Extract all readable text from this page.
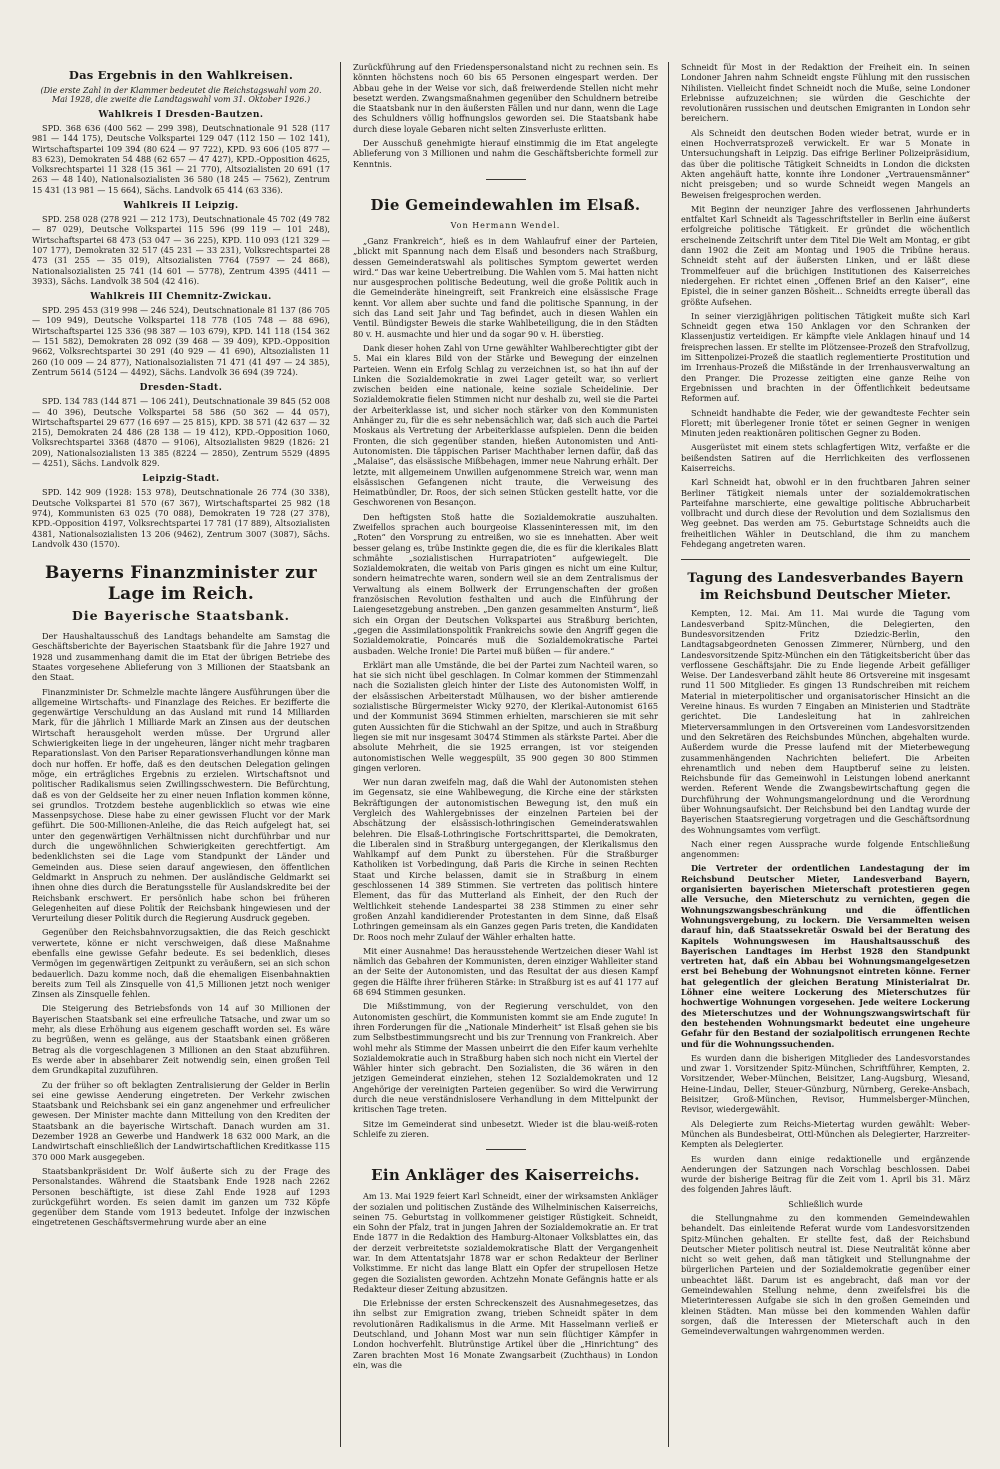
Das Ergebnis in den Wahlkreisen.
(Die erste Zahl in der Klammer bedeutet die Reichstagswahl vom 20. Mai 1928, die zweite die Landtagswahl vom 31. Oktober 1926.)
Wahlkreis I Dresden-Bautzen.

SPD. 368 636 (400 562 — 299 398), Deutschnationale 91 528 (117 981 — 144 175), Deutsche Volkspartei 129 047 (112 150 — 102 141), Wirtschaftspartei 109 394 (80 624 — 97 722), KPD. 93 606 (105 877 — 83 623), Demokraten 54 488 (62 657 — 47 427), KPD.-Opposition 4625, Volksrechtspartei 11 328 (15 361 — 21 770), Altsozialisten 20 691 (17 263 — 48 140), Nationalsozialisten 36 580 (18 245 — 7562), Zentrum 15 431 (13 981 — 15 664), Sächs. Landvolk 65 414 (63 336).

Wahlkreis II Leipzig.

SPD. 258 028 (278 921 — 212 173), Deutschnationale 45 702 (49 782 — 87 029), Deutsche Volkspartei 115 596 (99 119 — 101 248), Wirtschaftspartei 68 473 (53 047 — 36 225), KPD. 110 093 (121 329 — 107 177), Demokraten 32 517 (45 231 — 33 231), Volksrechtspartei 28 473 (31 255 — 35 019), Altsozialisten 7764 (7597 — 24 868), Nationalsozialisten 25 741 (14 601 — 5778), Zentrum 4395 (4411 — 3933), Sächs. Landvolk 38 504 (42 416).

Wahlkreis III Chemnitz-Zwickau.

SPD. 295 453 (319 998 — 246 524), Deutschnationale 81 137 (86 705 — 109 949), Deutsche Volkspartei 118 778 (105 748 — 88 696), Wirtschaftspartei 125 336 (98 387 — 103 679), KPD. 141 118 (154 362 — 151 582), Demokraten 28 092 (39 468 — 39 409), KPD.-Opposition 9662, Volksrechtspartei 30 291 (40 929 — 41 690), Altsozialisten 11 260 (10 009 — 24 877), Nationalsozialisten 71 471 (41 497 — 24 385), Zentrum 5614 (5124 — 4492), Sächs. Landvolk 36 694 (39 724).

Dresden-Stadt.

SPD. 134 783 (144 871 — 106 241), Deutschnationale 39 845 (52 008 — 40 396), Deutsche Volkspartei 58 586 (50 362 — 44 057), Wirtschaftspartei 29 677 (16 697 — 25 815), KPD. 38 571 (42 637 — 32 215), Demokraten 24 486 (28 138 — 19 412), KPD.-Opposition 1060, Volksrechtspartei 3368 (4870 — 9106), Altsozialisten 9829 (1826: 21 209), Nationalsozialisten 13 385 (8224 — 2850), Zentrum 5529 (4895 — 4251), Sächs. Landvolk 829.

Leipzig-Stadt.

SPD. 142 909 (1928: 153 978), Deutschnationale 26 774 (30 338), Deutsche Volkspartei 81 570 (67 367), Wirtschaftspartei 25 982 (18 974), Kommunisten 63 025 (70 088), Demokraten 19 728 (27 378), KPD.-Opposition 4197, Volksrechtspartei 17 781 (17 889), Altsozialisten 4381, Nationalsozialisten 13 206 (9462), Zentrum 3007 (3087), Sächs. Landvolk 430 (1570).

Bayerns Finanzminister zur Lage im Reich.
Die Bayerische Staatsbank.

Der Haushaltausschuß des Landtags behandelte am Samstag die Geschäftsberichte der Bayerischen Staatsbank für die Jahre 1927 und 1928 und zusammenhang damit die im Etat der übrigen Betriebe des Staates vorgesehene Ablieferung von 3 Millionen der Staatsbank an den Staat.

Finanzminister Dr. Schmelzle machte längere Ausführungen über die allgemeine Wirtschafts- und Finanzlage des Reiches. Er bezifferte die gegenwärtige Verschuldung an das Ausland mit rund 14 Milliarden Mark, für die jährlich 1 Milliarde Mark an Zinsen aus der deutschen Wirtschaft herausgeholt werden müsse. Der Urgrund aller Schwierigkeiten liege in der ungeheuren, länger nicht mehr tragbaren Reparationslast. Von den Pariser Reparationsverhandlungen könne man doch nur hoffen. Er hoffe, daß es den deutschen Delegation gelingen möge, ein erträgliches Ergebnis zu erzielen. Wirtschaftsnot und politischer Radikalismus seien Zwillingsschwestern. Die Befürchtung, daß es von der Geldseite her zu einer neuen Inflation kommen könne, sei grundlos. Trotzdem bestehe augenblicklich so etwas wie eine Massenpsychose. Diese habe zu einer gewissen Flucht vor der Mark geführt. Die 500-Millionen-Anleihe, die das Reich aufgelegt hat, sei unter den gegenwärtigen Verhältnissen nicht durchführbar und nur durch die ungewöhnlichen Schwierigkeiten gerechtfertigt. Am bedenklichsten sei die Lage vom Standpunkt der Länder und Gemeinden aus. Diese seien darauf angewiesen, den öffentlichen Geldmarkt in Anspruch zu nehmen. Der ausländische Geldmarkt sei ihnen ohne dies durch die Beratungsstelle für Auslandskredite bei der Reichsbank erschwert. Er persönlich habe schon bei früheren Gelegenheiten auf diese Politik der Reichsbank hingewiesen und der Verurteilung dieser Politik durch die Regierung Ausdruck gegeben.

Gegenüber den Reichsbahnvorzugsaktien, die das Reich geschickt verwertete, könne er nicht verschweigen, daß diese Maßnahme ebenfalls eine gewisse Gefahr bedeute. Es sei bedenklich, dieses Vermögen im gegenwärtigen Zeitpunkt zu veräußern, sei an sich schon bedauerlich. Dazu komme noch, daß die ehemaligen Eisenbahnaktien bereits zum Teil als Zinsquelle von 41,5 Millionen jetzt noch weniger Zinsen als Zinsquelle fehlen.

Die Steigerung des Betriebsfonds von 14 auf 30 Millionen der Bayerischen Staatsbank sei eine erfreuliche Tatsache, und zwar um so mehr, als diese Erhöhung aus eigenem geschafft worden sei. Es wäre zu begrüßen, wenn es gelänge, aus der Staatsbank einen größeren Betrag als die vorgeschlagenen 3 Millionen an den Staat abzuführen. Es werde aber in absehbarer Zeit notwendig sein, einen großen Teil dem Grundkapital zuzuführen.

Zu der früher so oft beklagten Zentralisierung der Gelder in Berlin sei eine gewisse Aenderung eingetreten. Der Verkehr zwischen Staatsbank und Reichsbank sei ein ganz angenehmer und erfreulicher gewesen. Der Minister machte dann Mitteilung von den Krediten der Staatsbank an die bayerische Wirtschaft. Danach wurden am 31. Dezember 1928 an Gewerbe und Handwerk 18 632 000 Mark, an die Landwirtschaft einschließlich der Landwirtschaftlichen Kreditkasse 115 370 000 Mark ausgegeben.

Staatsbankpräsident Dr. Wolf äußerte sich zu der Frage des Personalstandes. Während die Staatsbank Ende 1928 nach 2262 Personen beschäftigte, ist diese Zahl Ende 1928 auf 1293 zurückgeführt worden. Es seien damit im ganzen um 732 Köpfe gegenüber dem Stande vom 1913 bedeutet. Infolge der inzwischen eingetretenen Geschäftsvermehrung wurde aber an eine

Zurückführung auf den Friedenspersonalstand nicht zu rechnen sein. Es könnten höchstens noch 60 bis 65 Personen eingespart werden. Der Abbau gehe in der Weise vor sich, daß freiwerdende Stellen nicht mehr besetzt werden. Zwangsmaßnahmen gegenüber den Schuldnern betreibe die Staatsbank nur in den äußersten Fällen und nur dann, wenn die Lage des Schuldners völlig hoffnungslos geworden sei. Die Staatsbank habe durch diese loyale Gebaren nicht selten Zinsverluste erlitten.

Der Ausschuß genehmigte hierauf einstimmig die im Etat angelegte Ablieferung von 3 Millionen und nahm die Geschäftsberichte formell zur Kenntnis.

Die Gemeindewahlen im Elsaß.
Von Hermann Wendel.

„Ganz Frankreich“, hieß es in dem Wahlaufruf einer der Parteien, „blickt mit Spannung nach dem Elsaß und besonders nach Straßburg, dessen Gemeinderatswahl als politisches Symptom gewertet werden wird.“ Das war keine Uebertreibung. Die Wahlen vom 5. Mai hatten nicht nur ausgesprochen politische Bedeutung, weil die große Politik auch in die Gemeinderäte hineingreift, seit Frankreich eine elsässische Frage kennt. Vor allem aber suchte und fand die politische Spannung, in der sich das Land seit Jahr und Tag befindet, auch in diesen Wahlen ein Ventil. Bündigster Beweis die starke Wahlbeteiligung, die in den Städten 80 v. H. ausmachte und hier und da sogar 90 v. H. überstieg.

Dank dieser hohen Zahl von Urne gewählter Wahlberechtigter gibt der 5. Mai ein klares Bild von der Stärke und Bewegung der einzelnen Parteien. Wenn ein Erfolg Schlag zu verzeichnen ist, so hat ihn auf der Linken die Sozialdemokratie in zwei Lager geteilt war, so verliert zwischen beiden eine nationale, keine soziale Scheidelinie. Der Sozialdemokratie fielen Stimmen nicht nur deshalb zu, weil sie die Partei der Arbeiterklasse ist, und sicher noch stärker von den Kommunisten Anhänger zu, für die es sehr nebensächlich war, daß sich auch die Partei Moskaus als Vertretung der Arbeiterklasse aufspielen. Denn die beiden Fronten, die sich gegenüber standen, hießen Autonomisten und Anti-Autonomisten. Die täppischen Pariser Machthaber lernen dafür, daß das „Malaise“, das elsässische Mißbehagen, immer neue Nahrung erhält. Der letzte, mit allgemeinem Unwillen aufgenommene Streich war, wenn man elsässischen Gefangenen nicht traute, die Verweisung des Heimatbündler, Dr. Roos, der sich seinen Stücken gestellt hatte, vor die Geschworenen von Besançon.

Den heftigsten Stoß hatte die Sozialdemokratie auszuhalten. Zweifellos sprachen auch bourgeoise Klasseninteressen mit, im den „Roten“ den Vorsprung zu entreißen, wo sie es innehatten. Aber weit besser gelang es, trübe Instinkte gegen die, die es für die klerikales Blatt schmähte „sozialistischen Hurrapatrioten“ aufgewiegelt. Die Sozialdemokraten, die weitab von Paris gingen es nicht um eine Kultur, sondern heimatrechte waren, sondern weil sie an dem Zentralismus der Verwaltung als einem Bollwerk der Errungenschaften der großen französischen Revolution festhalten und auch die Einführung der Laiengesetzgebung anstreben. „Den ganzen gesammelten Ansturm“, ließ sich ein Organ der Deutschen Volkspartei aus Straßburg berichten, „gegen die Assimilationspolitik Frankreichs sowie den Angriff gegen die Sozialdemokratie, Poincarés muß die Sozialdemokratische Partei ausbaden. Welche Ironie! Die Partei muß büßen — für andere.“

Erklärt man alle Umstände, die bei der Partei zum Nachteil waren, so hat sie sich nicht übel geschlagen. In Colmar kommen der Stimmenzahl nach die Sozialisten gleich hinter der Liste des Autonomisten Wolff, in der elsässischen Arbeiterstadt Mülhausen, wo der bisher amtierende sozialistische Bürgermeister Wicky 9270, der Klerikal-Autonomist 6165 und der Kommunist 3694 Stimmen erhielten, marschieren sie mit sehr guten Aussichten für die Stichwahl an der Spitze, und auch in Straßburg liegen sie mit nur insgesamt 30474 Stimmen als stärkste Partei. Aber die absolute Mehrheit, die sie 1925 errangen, ist vor steigenden autonomistischen Welle weggespült, 35 900 gegen 30 800 Stimmen gingen verloren.

Wer nun daran zweifeln mag, daß die Wahl der Autonomisten stehen im Gegensatz, sie eine Wahlbewegung, die Kirche eine der stärksten Bekräftigungen der autonomistischen Bewegung ist, den muß ein Vergleich des Wahlergebnisses der einzelnen Parteien bei der Abschätzung der elsässisch-lothringischen Gemeinderatswahlen belehren. Die Elsaß-Lothringische Fortschrittspartei, die Demokraten, die Liberalen sind in Straßburg untergegangen, der Klerikalismus den Wahlkampf auf dem Punkt zu überstehen. Für die Straßburger Katholiken ist Vorbedingung, daß Paris die Kirche in seinen Rechten Staat und Kirche belassen, damit sie in Straßburg in einem geschlossenen 14 389 Stimmen. Sie vertreten das politisch hintere Element, das für das Mutterland als Einheit, der den Ruch der Weltlichkeit stehende Landespartei 38 238 Stimmen zu einer sehr großen Anzahl kandidierender Protestanten in dem Sinne, daß Elsaß Lothringen gemeinsam als ein Ganzes gegen Paris treten, die Kandidaten Dr. Roos noch mehr Zulauf der Wähler erhalten hatte.

Mit einer Ausnahme! Das herausstehende Wertzeichen dieser Wahl ist nämlich das Gebahren der Kommunisten, deren einziger Wahlleiter stand an der Seite der Autonomisten, und das Resultat der aus diesen Kampf gegen die Hälfte ihrer früheren Stärke: in Straßburg ist es auf 41 177 auf 68 694 Stimmen gesunken.

Die Mißstimmung, von der Regierung verschuldet, von den Autonomisten geschürt, die Kommunisten kommt sie am Ende zugute! In ihren Forderungen für die „Nationale Minderheit“ ist Elsaß gehen sie bis zum Selbstbestimmungsrecht und bis zur Trennung von Frankreich. Aber wohl mehr als Stimme der Massen unbeirrt die den Eifer kaum verhehlte Sozialdemokratie auch in Straßburg haben sich noch nicht ein Viertel der Wähler hinter sich gebracht. Den Sozialisten, die 36 wären in den jetzigen Gemeinderat einziehen, stehen 12 Sozialdemokraten und 12 Angehörige der vereinigten Parteien gegenüber. So wird die Verwirrung durch die neue verständnislosere Verhandlung in dem Mittelpunkt der kritischen Tage treten.

Sitze im Gemeinderat sind unbesetzt. Wieder ist die blau-weiß-roten Schleife zu zieren.

Ein Ankläger des Kaiserreichs.

Am 13. Mai 1929 feiert Karl Schneidt, einer der wirksamsten Ankläger der sozialen und politischen Zustände des Wilhelminischen Kaiserreichs, seinen 75. Geburtstag in vollkommener geistiger Rüstigkeit. Schneidt, ein Sohn der Pfalz, trat in jungen Jahren der Sozialdemokratie an. Er trat Ende 1877 in die Redaktion des Hamburg-Altonaer Volksblattes ein, das der derzeit verbreitetste sozialdemokratische Blatt der Vergangenheit war. In dem Attentatsjahr 1878 war er schon Redakteur der Berliner Volkstimme. Er nicht das lange Blatt ein Opfer der strupellosen Hetze gegen die Sozialisten geworden. Achtzehn Monate Gefängnis hatte er als Redakteur dieser Zeitung abzusitzen.

Die Erlebnisse der ersten Schreckenszeit des Ausnahmegesetzes, das ihn selbst zur Emigration zwang, trieben Schneidt später in dem revolutionären Radikalismus in die Arme. Mit Hasselmann verließ er Deutschland, und Johann Most war nun sein flüchtiger Kämpfer in London hochverfehlt. Blutrünstige Artikel über die „Hinrichtung“ des Zaren brachten Most 16 Monate Zwangsarbeit (Zuchthaus) in London ein, was die

Schneidt für Most in der Redaktion der Freiheit ein. In seinen Londoner Jahren nahm Schneidt engste Fühlung mit den russischen Nihilisten. Vielleicht findet Schneidt noch die Muße, seine Londoner Erlebnisse aufzuzeichnen; sie würden die Geschichte der revolutionären russischen und deutschen Emigranten in London sehr bereichern.

Als Schneidt den deutschen Boden wieder betrat, wurde er in einen Hochverratsprozeß verwickelt. Er war 5 Monate in Untersuchungshaft in Leipzig. Das eifrige Berliner Polizeipräsidium, das über die politische Tätigkeit Schneidts in London die dicksten Akten angehäuft hatte, konnte ihre Londoner „Vertrauensmänner“ nicht preisgeben; und so wurde Schneidt wegen Mangels an Beweisen freigesprochen werden.

Mit Beginn der neunziger Jahre des verflossenen Jahrhunderts entfaltet Karl Schneidt als Tagesschriftsteller in Berlin eine äußerst erfolgreiche politische Tätigkeit. Er gründet die wöchentlich erscheinende Zeitschrift unter dem Titel Die Welt am Montag, er gibt dann 1902 die Zeit am Montag und 1905 die Tribüne heraus. Schneidt steht auf der äußersten Linken, und er läßt diese Trommelfeuer auf die brüchigen Institutionen des Kaiserreiches niedergehen. Er richtet einen „Offenen Brief an den Kaiser“, eine Epistel, die in seiner ganzen Bösheit... Schneidts erregte überall das größte Aufsehen.

In seiner vierzigjährigen politischen Tätigkeit mußte sich Karl Schneidt gegen etwa 150 Anklagen vor den Schranken der Klassenjustiz verteidigen. Er kämpfte viele Anklagen hinauf und 14 freisprechen lassen. Er stellte im Plötzensee-Prozeß den Strafvollzug, im Sittenpolizei-Prozeß die staatlich reglementierte Prostitution und im Irrenhaus-Prozeß die Mißstände in der Irrenhausverwaltung an den Pranger. Die Prozesse zeitigten eine ganze Reihe von Ergebnissen und brachten in der Öffentlichkeit bedeutsame Reformen auf.

Schneidt handhabte die Feder, wie der gewandteste Fechter sein Florett; mit überlegener Ironie tötet er seinen Gegner in wenigen Minuten jeden reaktionären politischen Gegner zu Boden.

Ausgerüstet mit einem stets schlagfertigen Witz, verfaßte er die beißendsten Satiren auf die Herrlichkeiten des verflossenen Kaiserreichs.

Karl Schneidt hat, obwohl er in den fruchtbaren Jahren seiner Berliner Tätigkeit niemals unter der sozialdemokratischen Parteifahne marschierte, eine gewaltige politische Abbrucharbeit vollbracht und durch diese der Revolution und dem Sozialismus den Weg geebnet. Das werden am 75. Geburtstage Schneidts auch die freiheitlichen Wähler in Deutschland, die ihm zu manchem Fehdegang angetreten waren.

Tagung des Landesverbandes Bayern im Reichsbund Deutscher Mieter.

Kempten, 12. Mai. Am 11. Mai wurde die Tagung vom Landesverband Spitz-München, die Delegierten, den Bundesvorsitzenden Fritz Dziedzic-Berlin, den Landtagsabgeordneten Genossen Zimmerer, Nürnberg, und den Landesvorsitzende Spitz-München ein den Tätigkeitsbericht über das verflossene Geschäftsjahr. Die zu Ende liegende Arbeit gefälliger Weise. Der Landesverband zählt heute 86 Ortsvereine mit insgesamt rund 11 500 Mitglieder. Es gingen 13 Rundschreiben mit reichem Material in mieterpolitischer und organisatorischer Hinsicht an die Vereine hinaus. Es wurden 7 Eingaben an Ministerien und Stadträte gerichtet. Die Landesleitung hat in zahlreichen Mieterversammlungen in den Ortsvereinen vom Landesvorsitzenden und den Sekretären des Reichsbundes München, abgehalten wurde. Außerdem wurde die Presse laufend mit der Mieterbewegung zusammenhängenden Nachrichten beliefert. Die Arbeiten ehrenamtlich und neben dem Hauptberuf seine zu leisten. Reichsbunde für das Gemeinwohl in Leistungen lobend anerkannt werden. Referent Wende die Zwangsbewirtschaftung gegen die Durchführung der Wohnungsmangelordnung und die Verordnung über Wohnungsaufsicht. Der Reichsbund bei den Landtag wurde der Bayerischen Staatsregierung vorgetragen und die Geschäftsordnung des Wohnungsamtes vom verfügt.

Nach einer regen Aussprache wurde folgende Entschließung angenommen:

Die Vertreter der ordentlichen Landestagung der im Reichsbund Deutscher Mieter, Landesverband Bayern, organisierten bayerischen Mieterschaft protestieren gegen alle Versuche, den Mieterschutz zu vernichten, gegen die Wohnungszwangsbeschränkung und die öffentlichen Wohnungsvergebung, zu lockern. Die Versammelten weisen darauf hin, daß Staatssekretär Oswald bei der Beratung des Kapitels Wohnungswesen im Haushaltsausschuß des Bayerischen Landtages im Herbst 1928 den Standpunkt vertreten hat, daß ein Abbau bei Wohnungsmangelgesetzen erst bei Behebung der Wohnungsnot eintreten könne. Ferner hat gelegentlich der gleichen Beratung Ministerialrat Dr. Löhner eine weitere Lockerung des Mieterschutzes für hochwertige Wohnungen vorgesehen. Jede weitere Lockerung des Mieterschutzes und der Wohnungszwangswirtschaft für den bestehenden Wohnungsmarkt bedeutet eine ungeheure Gefahr für den Bestand der sozialpolitisch errungenen Rechte und für die Wohnungssuchenden.

Es wurden dann die bisherigen Mitglieder des Landesvorstandes und zwar 1. Vorsitzender Spitz-München, Schriftführer, Kempten, 2. Vorsitzender, Weber-München, Beisitzer, Lang-Augsburg, Wiesand, Heine-Lindau, Deller, Steuer-Günzburg, Nürnberg, Gereke-Ansbach, Beisitzer, Groß-München, Revisor, Hummelsberger-München, Revisor, wiedergewählt.

Als Delegierte zum Reichs-Mietertag wurden gewählt: Weber-München als Bundesbeirat, Ottl-München als Delegierter, Harzreiter-Kempten als Delegierter.

Es wurden dann einige redaktionelle und ergänzende Aenderungen der Satzungen nach Vorschlag beschlossen. Dabei wurde der bisherige Beitrag für die Zeit vom 1. April bis 31. März des folgenden Jahres läuft.

Schließlich wurde

die Stellungnahme zu den kommenden Gemeindewahlen behandelt. Das einleitende Referat wurde vom Landesvorsitzenden Spitz-München gehalten. Er stellte fest, daß der Reichsbund Deutscher Mieter politisch neutral ist. Diese Neutralität könne aber nicht so weit gehen, daß man tätigkeit und Stellungnahme der bürgerlichen Parteien und der Sozialdemokratie gegenüber einer unbeachtet läßt. Darum ist es angebracht, daß man vor der Gemeindewahlen Stellung nehme, denn zweifelsfrei bis die Mieterinteressen Aufgabe sie sich in den großen Gemeinden und kleinen Städten. Man müsse bei den kommenden Wahlen dafür sorgen, daß die Interessen der Mieterschaft auch in den Gemeindeverwaltungen wahrgenommen werden.
